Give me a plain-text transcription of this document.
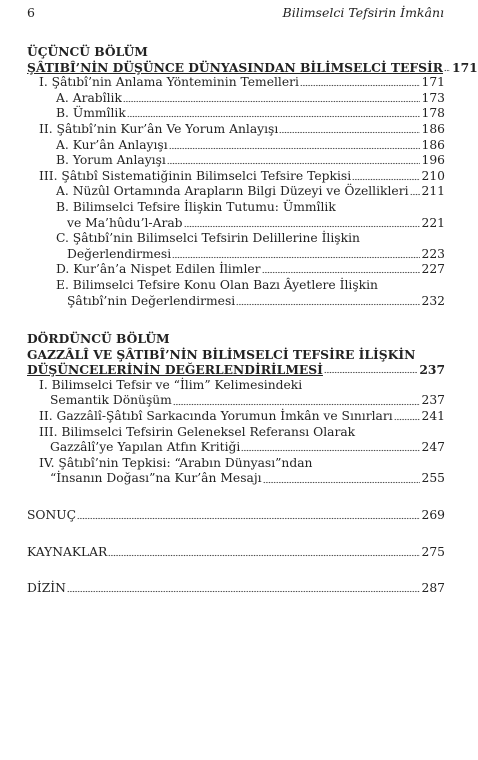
6	Bilimselci Tefsirin İmkânı
ÜÇÜNCÜ BÖLÜM
ŞÂTIBÎ’NİN DÜŞÜNCE DÜNYASINDAN BİLİMSELCİ TEFSİR 171
I. Şâtıbî’nin Anlama Yönteminin Temelleri	171
A. Arabîlik	173
B. Ümmîlik	178
II. Şâtıbî’nin Kur’ân Ve Yorum Anlayışı	186
A. Kur’ân Anlayışı	186
B. Yorum Anlayışı	196
III. Şâtıbî Sistematiğinin Bilimselci Tefsire Tepkisi	210
A. Nüzûl Ortamında Arapların Bilgi Düzeyi ve Özellikleri 211
B. Bilimselci Tefsire İlişkin Tutumu: Ümmîlik
ve Ma’hûdu’l-Arab	221
C. Şâtıbî’nin Bilimselci Tefsirin Delillerine İlişkin
Değerlendirmesi	223
D. Kur’ân’a Nispet Edilen İlimler	227
E. Bilimselci Tefsire Konu Olan Bazı Âyetlere İlişkin
Şâtıbî’nin Değerlendirmesi	232
DÖRDÜNCÜ BÖLÜM
GAZZÂLÎ VE ŞÂTIBÎ’NİN BİLİMSELCİ TEFSİRE İLİŞKİN
DÜŞÜNCELERİNİN DEĞERLENDİRİLMESİ	237
I. Bilimselci Tefsir ve “İlim” Kelimesindeki
Semantik Dönüşüm	237
II. Gazzâlî-Şâtıbî Sarkacında Yorumun İmkân ve Sınırları 241
III. Bilimselci Tefsirin Geleneksel Referansı Olarak
Gazzâlî’ye Yapılan Atfın Kritiği	247
IV. Şâtıbî’nin Tepkisi: “Arabın Dünyası”ndan
“İnsanın Doğası”na Kur’ân Mesajı	255
SONUÇ	269
KAYNAKLAR	275
DİZİN	287
